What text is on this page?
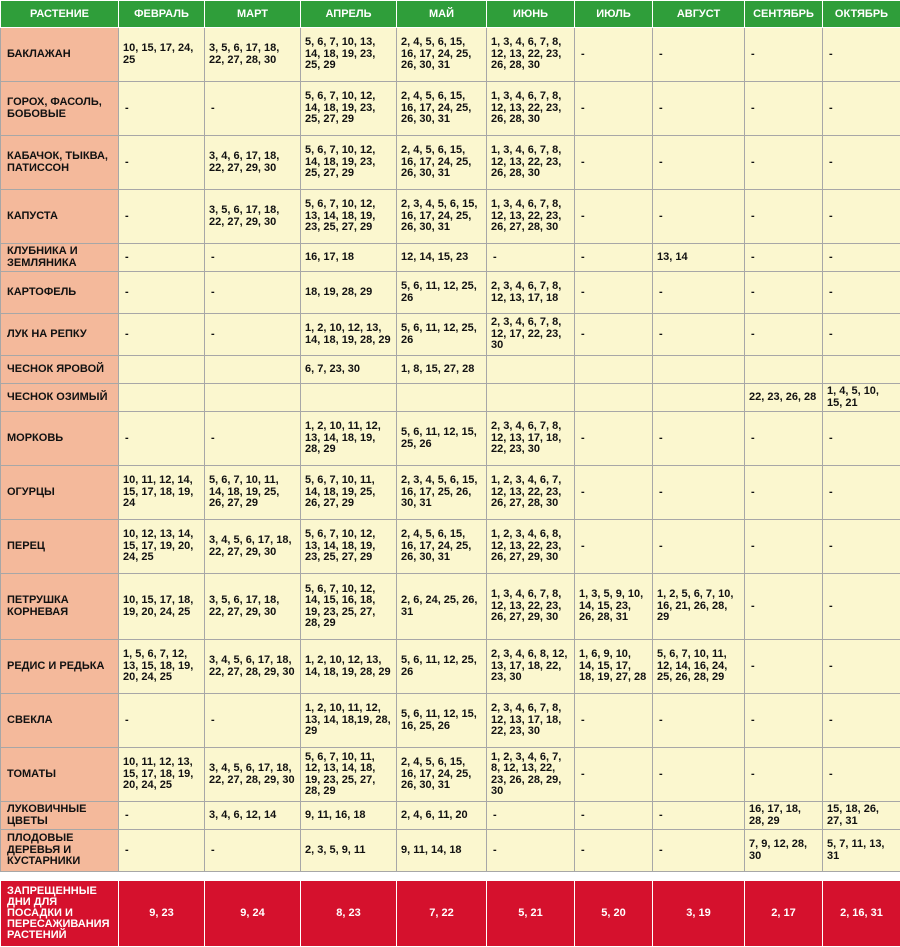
РАСТЕНИЕ	ФЕВРАЛЬ	МАРТ	АПРЕЛЬ	МАЙ	ИЮНЬ	ИЮЛЬ	АВГУСТ	СЕНТЯБРЬ	ОКТЯБРЬ
БАКЛАЖАН	10, 15, 17, 24, 25	3, 5, 6, 17, 18, 22, 27, 28, 30	5, 6, 7, 10, 13, 14, 18, 19, 23, 25, 29	2, 4, 5, 6, 15, 16, 17, 24, 25, 26, 30, 31	1, 3, 4, 6, 7, 8, 12, 13, 22, 23, 26, 28, 30	-	-	-	-
ГОРОХ, ФАСОЛЬ, БОБОВЫЕ	-	-	5, 6, 7, 10, 12, 14, 18, 19, 23, 25, 27, 29	2, 4, 5, 6, 15, 16, 17, 24, 25, 26, 30, 31	1, 3, 4, 6, 7, 8, 12, 13, 22, 23, 26, 28, 30	-	-	-	-
КАБАЧОК, ТЫКВА, ПАТИССОН	-	3, 4, 6, 17, 18, 22, 27, 29, 30	5, 6, 7, 10, 12, 14, 18, 19, 23, 25, 27, 29	2, 4, 5, 6, 15, 16, 17, 24, 25, 26, 30, 31	1, 3, 4, 6, 7, 8, 12, 13, 22, 23, 26, 28, 30	-	-	-	-
КАПУСТА	-	3, 5, 6, 17, 18, 22, 27, 29, 30	5, 6, 7, 10, 12, 13, 14, 18, 19, 23, 25, 27, 29	2, 3, 4, 5, 6, 15, 16, 17, 24, 25, 26, 30, 31	1, 3, 4, 6, 7, 8, 12, 13, 22, 23, 26, 27, 28, 30	-	-	-	-
КЛУБНИКА И ЗЕМЛЯНИКА	-	-	16, 17, 18	12, 14, 15, 23	-	-	13, 14	-	-
КАРТОФЕЛЬ	-	-	18, 19, 28, 29	5, 6, 11, 12, 25, 26	2, 3, 4, 6, 7, 8, 12, 13, 17, 18	-	-	-	-
ЛУК НА РЕПКУ	-	-	1, 2, 10, 12, 13, 14, 18, 19, 28, 29	5, 6, 11, 12, 25, 26	2, 3, 4, 6, 7, 8, 12, 17, 22, 23, 30	-	-	-	-
ЧЕСНОК ЯРОВОЙ			6, 7, 23, 30	1, 8, 15, 27, 28					
ЧЕСНОК ОЗИМЫЙ								22, 23, 26, 28	1, 4, 5, 10, 15, 21
МОРКОВЬ	-	-	1, 2, 10, 11, 12, 13, 14, 18, 19, 28, 29	5, 6, 11, 12, 15, 25, 26	2, 3, 4, 6, 7, 8, 12, 13, 17, 18, 22, 23, 30	-	-	-	-
ОГУРЦЫ	10, 11, 12, 14, 15, 17, 18, 19, 24	5, 6, 7, 10, 11, 14, 18, 19, 25, 26, 27, 29	5, 6, 7, 10, 11, 14, 18, 19, 25, 26, 27, 29	2, 3, 4, 5, 6, 15, 16, 17, 25, 26, 30, 31	1, 2, 3, 4, 6, 7, 12, 13, 22, 23, 26, 27, 28, 30	-	-	-	-
ПЕРЕЦ	10, 12, 13, 14, 15, 17, 19, 20, 24, 25	3, 4, 5, 6, 17, 18, 22, 27, 29, 30	5, 6, 7, 10, 12, 13, 14, 18, 19, 23, 25, 27, 29	2, 4, 5, 6, 15, 16, 17, 24, 25, 26, 30, 31	1, 2, 3, 4, 6, 8, 12, 13, 22, 23, 26, 27, 29, 30	-	-	-	-
ПЕТРУШКА КОРНЕВАЯ	10, 15, 17, 18, 19, 20, 24, 25	3, 5, 6, 17, 18, 22, 27, 29, 30	5, 6, 7, 10, 12, 14, 15, 16, 18, 19, 23, 25, 27, 28, 29	2, 6, 24, 25, 26, 31	1, 3, 4, 6, 7, 8, 12, 13, 22, 23, 26, 27, 29, 30	1, 3, 5, 9, 10, 14, 15, 23, 26, 28, 31	1, 2, 5, 6, 7, 10, 16, 21, 26, 28, 29	-	-
РЕДИС И РЕДЬКА	1, 5, 6, 7, 12, 13, 15, 18, 19, 20, 24, 25	3, 4, 5, 6, 17, 18, 22, 27, 28, 29, 30	1, 2, 10, 12, 13, 14, 18, 19, 28, 29	5, 6, 11, 12, 25, 26	2, 3, 4, 6, 8, 12, 13, 17, 18, 22, 23, 30	1, 6, 9, 10, 14, 15, 17, 18, 19, 27, 28	5, 6, 7, 10, 11, 12, 14, 16, 24, 25, 26, 28, 29	-	-
СВЕКЛА	-	-	1, 2, 10, 11, 12, 13, 14, 18,19, 28, 29	5, 6, 11, 12, 15, 16, 25, 26	2, 3, 4, 6, 7, 8, 12, 13, 17, 18, 22, 23, 30	-	-	-	-
ТОМАТЫ	10, 11, 12, 13, 15, 17, 18, 19, 20, 24, 25	3, 4, 5, 6, 17, 18, 22, 27, 28, 29, 30	5, 6, 7, 10, 11, 12, 13, 14, 18, 19, 23, 25, 27, 28, 29	2, 4, 5, 6, 15, 16, 17, 24, 25, 26, 30, 31	1, 2, 3, 4, 6, 7, 8, 12, 13, 22, 23, 26, 28, 29, 30	-	-	-	-
ЛУКОВИЧНЫЕ ЦВЕТЫ	-	3, 4, 6, 12, 14	9, 11, 16, 18	2, 4, 6, 11, 20	-	-	-	16, 17, 18, 28, 29	15, 18, 26, 27, 31
ПЛОДОВЫЕ ДЕРЕВЬЯ И КУСТАРНИКИ	-	-	2, 3, 5, 9, 11	9, 11, 14, 18	-	-	-	7, 9, 12, 28, 30	5, 7, 11, 13, 31

ЗАПРЕЩЕННЫЕ ДНИ ДЛЯ ПОСАДКИ И ПЕРЕСАЖИВАНИЯ РАСТЕНИЙ	9, 23	9, 24	8, 23	7, 22	5, 21	5, 20	3, 19	2, 17	2, 16, 31
